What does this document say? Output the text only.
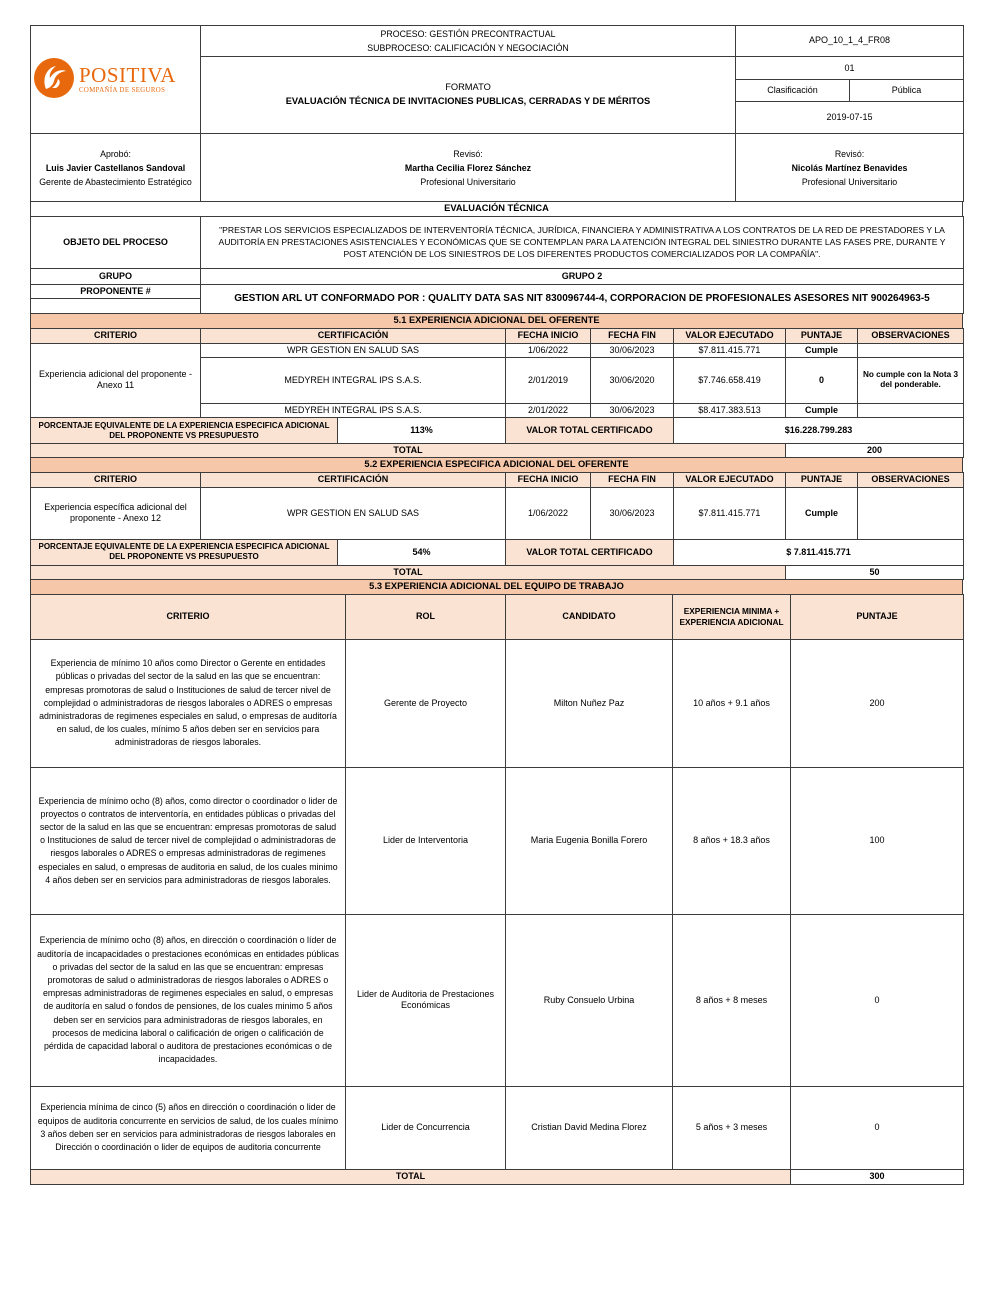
POSITIVA
COMPAÑÍA DE SEGUROS

PROCESO: GESTIÓN PRECONTRACTUAL
SUBPROCESO: CALIFICACIÓN Y NEGOCIACIÓN
	APO_10_1_4_FR08

	FORMATO
EVALUACIÓN TÉCNICA DE INVITACIONES PUBLICAS, CERRADAS Y DE MÉRITOS	01	
		Clasificación	Pública
		2019-07-15	
Aprobó:
Luis Javier Castellanos Sandoval
Gerente de Abastecimiento Estratégico

Revisó:
Martha Cecilia Florez Sánchez
Profesional Universitario

Revisó:
Nicolás Martínez Benavides
Profesional Universitario
EVALUACIÓN TÉCNICA
OBJETO DEL PROCESO	"PRESTAR LOS SERVICIOS ESPECIALIZADOS DE INTERVENTORÍA TÉCNICA, JURÍDICA, FINANCIERA Y ADMINISTRATIVA A LOS CONTRATOS DE LA RED DE PRESTADORES Y LA AUDITORÍA EN PRESTACIONES ASISTENCIALES Y ECONÓMICAS QUE SE CONTEMPLAN PARA LA ATENCIÓN INTEGRAL DEL SINIESTRO DURANTE LAS FASES PRE, DURANTE Y POST ATENCIÓN DE LOS SINIESTROS DE LOS DIFERENTES PRODUCTOS COMERCIALIZADOS POR LA COMPAÑÍA".
GRUPO	GRUPO 2
PROPONENTE #	GESTION ARL UT CONFORMADO POR : QUALITY DATA SAS NIT 830096744-4, CORPORACION DE PROFESIONALES ASESORES NIT 900264963-5

5.1 EXPERIENCIA ADICIONAL DEL OFERENTE
CRITERIO	CERTIFICACIÓN	FECHA INICIO	FECHA FIN	VALOR EJECUTADO	PUNTAJE	OBSERVACIONES
Experiencia adicional del proponente - Anexo 11	WPR GESTION EN SALUD SAS	1/06/2022	30/06/2023	$7.811.415.771	Cumple	
	MEDYREH INTEGRAL IPS S.A.S.	2/01/2019	30/06/2020	$7.746.658.419	0	No cumple con la Nota 3 del ponderable.
	MEDYREH INTEGRAL IPS S.A.S.	2/01/2022	30/06/2023	$8.417.383.513	Cumple	
PORCENTAJE EQUIVALENTE DE LA EXPERIENCIA ESPECIFICA ADICIONAL DEL PROPONENTE VS PRESUPUESTO	113%	VALOR TOTAL CERTIFICADO	$16.228.799.283
TOTAL	200
5.2 EXPERIENCIA ESPECIFICA ADICIONAL DEL OFERENTE
CRITERIO	CERTIFICACIÓN	FECHA INICIO	FECHA FIN	VALOR EJECUTADO	PUNTAJE	OBSERVACIONES
Experiencia específica adicional del proponente - Anexo 12	WPR GESTION EN SALUD SAS	1/06/2022	30/06/2023	$7.811.415.771	Cumple	
PORCENTAJE EQUIVALENTE DE LA EXPERIENCIA ESPECIFICA ADICIONAL DEL PROPONENTE VS PRESUPUESTO	54%	VALOR TOTAL CERTIFICADO	$ 7.811.415.771
TOTAL	50
5.3 EXPERIENCIA ADICIONAL DEL EQUIPO DE TRABAJO
CRITERIO	ROL	CANDIDATO	EXPERIENCIA MINIMA + EXPERIENCIA ADICIONAL	PUNTAJE
Experiencia de mínimo 10 años como Director o Gerente en entidades públicas o privadas del sector de la salud en las que se encuentran: empresas promotoras de salud o Instituciones de salud de tercer nivel de complejidad o administradoras de riesgos laborales o ADRES o empresas administradoras de regimenes especiales en salud, o empresas de auditoría en salud, de los cuales, mínimo 5 años deben ser en servicios para administradoras de riesgos laborales.	Gerente de Proyecto	Milton Nuñez Paz	10 años + 9.1 años	200
Experiencia de mínimo ocho (8) años, como director o coordinador o lider de proyectos o contratos de interventoría, en entidades públicas o privadas del sector de la salud en las que se encuentran: empresas promotoras de salud o Instituciones de salud de tercer nivel de complejidad o administradoras de riesgos laborales o ADRES o empresas administradoras de regimenes especiales en salud, o empresas de auditoria en salud, de los cuales minimo 4 años deben ser en servicios para administradoras de riesgos laborales.	Lider de Interventoria	Maria Eugenia Bonilla Forero	8 años + 18.3 años	100
Experiencia de mínimo ocho (8) años, en dirección o coordinación o líder de auditoría de incapacidades o prestaciones económicas en entidades públicas o privadas del sector de la salud en las que se encuentran: empresas promotoras de salud o administradoras de riesgos laborales o ADRES o empresas administradoras de regimenes especiales en salud, o empresas de auditoría en salud o fondos de pensiones, de los cuales minimo 5 años deben ser en servicios para administradoras de riesgos laborales, en procesos de medicina laboral o calificación de origen o calificación de pérdida de capacidad laboral o auditora de prestaciones económicas o de incapacidades.	Lider de Auditoria de Prestaciones Económicas	Ruby Consuelo Urbina	8 años + 8 meses	0
Experiencia mínima de cinco (5) años en dirección o coordinación o lider de equipos de auditoria concurrente en servicios de salud, de los cuales mínimo 3 años deben ser en servicios para administradoras de riesgos laborales en Dirección o coordinación o lider de equipos de auditoria concurrente	Lider de Concurrencia	Cristian David Medina Florez	5 años + 3 meses	0
TOTAL				300
